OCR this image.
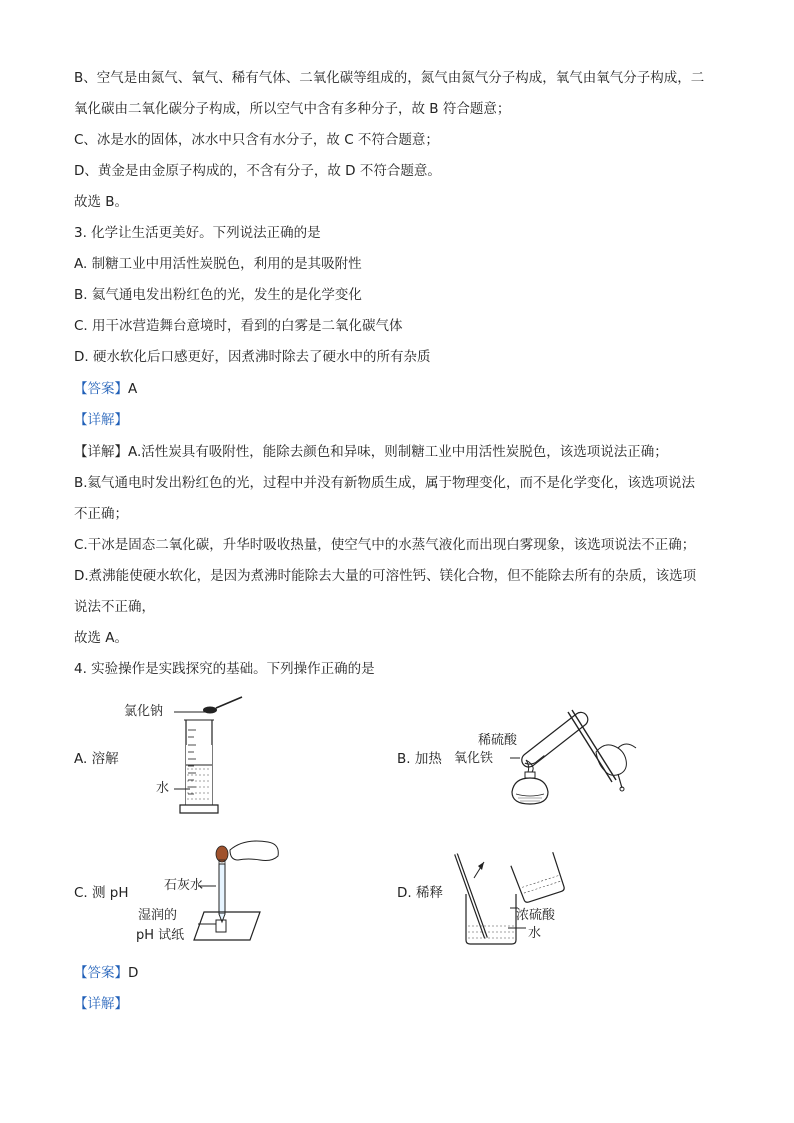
B、空气是由氮气、氧气、稀有气体、二氧化碳等组成的，氮气由氮气分子构成，氧气由氧气分子构成，二
氧化碳由二氧化碳分子构成，所以空气中含有多种分子，故 B 符合题意；
C、冰是水的固体，冰水中只含有水分子，故 C 不符合题意；
D、黄金是由金原子构成的，不含有分子，故 D 不符合题意。
故选 B。
3. 化学让生活更美好。下列说法正确的是
A. 制糖工业中用活性炭脱色，利用的是其吸附性
B. 氦气通电发出粉红色的光，发生的是化学变化
C. 用干冰营造舞台意境时，看到的白雾是二氧化碳气体
D. 硬水软化后口感更好，因煮沸时除去了硬水中的所有杂质
【答案】A
【详解】
【详解】A.活性炭具有吸附性，能除去颜色和异味，则制糖工业中用活性炭脱色，该选项说法正确；
B.氦气通电时发出粉红色的光，过程中并没有新物质生成，属于物理变化，而不是化学变化，该选项说法
不正确；
C.干冰是固态二氧化碳，升华时吸收热量，使空气中的水蒸气液化而出现白雾现象，该选项说法不正确；
D.煮沸能使硬水软化，是因为煮沸时能除去大量的可溶性钙、镁化合物，但不能除去所有的杂质，该选项
说法不正确，
故选 A。
4. 实验操作是实践探究的基础。下列操作正确的是
A. 溶解
氯化钠
水
B. 加热
稀硫酸
氧化铁
C. 测 pH	石灰水
湿润的
pH 试纸
D. 稀释
浓硫酸
水
【答案】D
【详解】
